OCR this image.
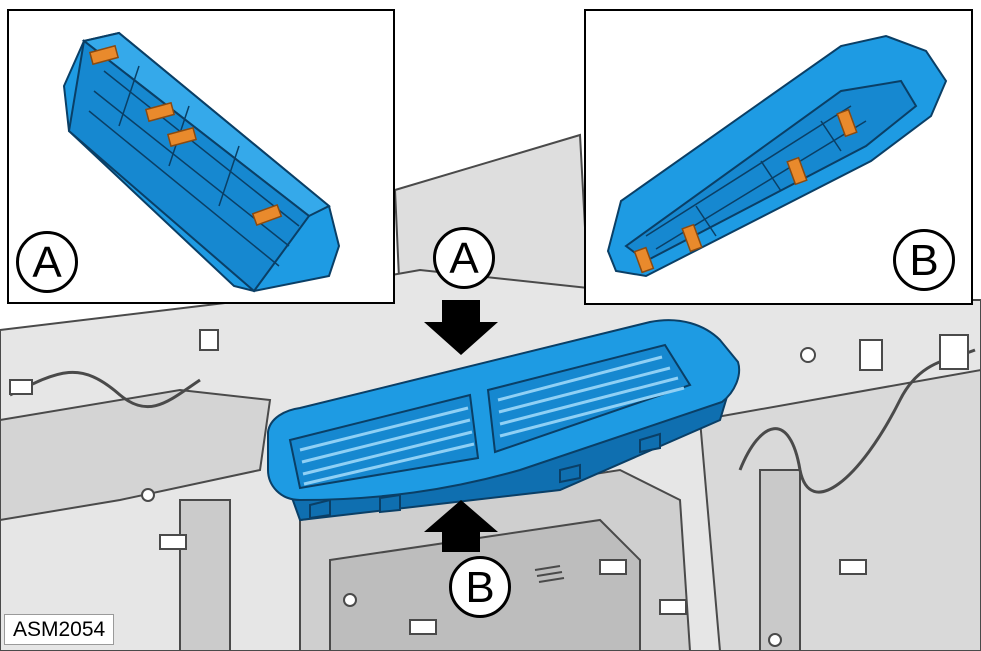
A	B
A
B
ASM2054
